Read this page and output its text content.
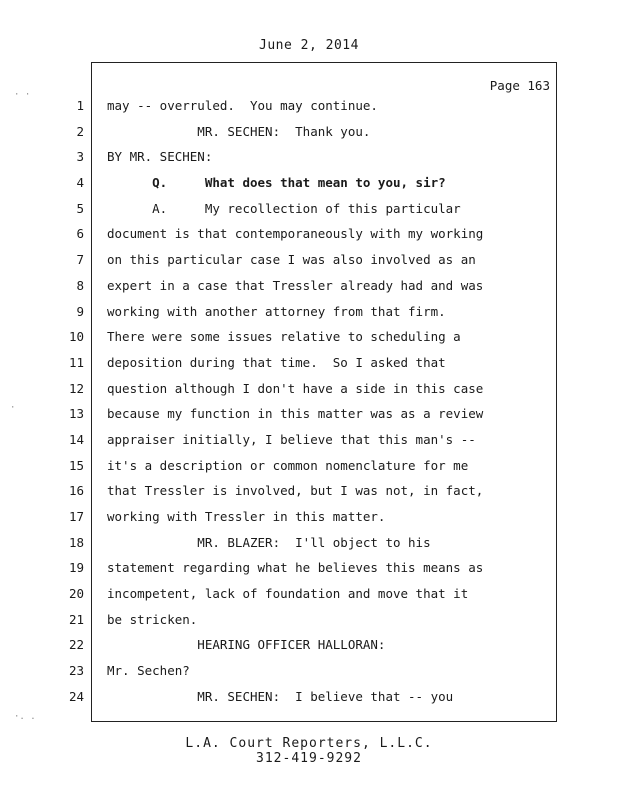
June 2, 2014
Page 163
1
2
3
4
5
6
7
8
9
10
11
12
13
14
15
16
17
18
19
20
21
22
23
24
may -- overruled.  You may continue.
MR. SECHEN:  Thank you.
BY MR. SECHEN:
Q.     What does that mean to you, sir?
A.     My recollection of this particular
document is that contemporaneously with my working
on this particular case I was also involved as an
expert in a case that Tressler already had and was
working with another attorney from that firm.
There were some issues relative to scheduling a
deposition during that time.  So I asked that
question although I don't have a side in this case
because my function in this matter was as a review
appraiser initially, I believe that this man's --
it's a description or common nomenclature for me
that Tressler is involved, but I was not, in fact,
working with Tressler in this matter.
MR. BLAZER:  I'll object to his
statement regarding what he believes this means as
incompetent, lack of foundation and move that it
be stricken.
HEARING OFFICER HALLORAN:
Mr. Sechen?
MR. SECHEN:  I believe that -- you
L.A. Court Reporters, L.L.C.
312-419-9292
· ·
·
·. .
